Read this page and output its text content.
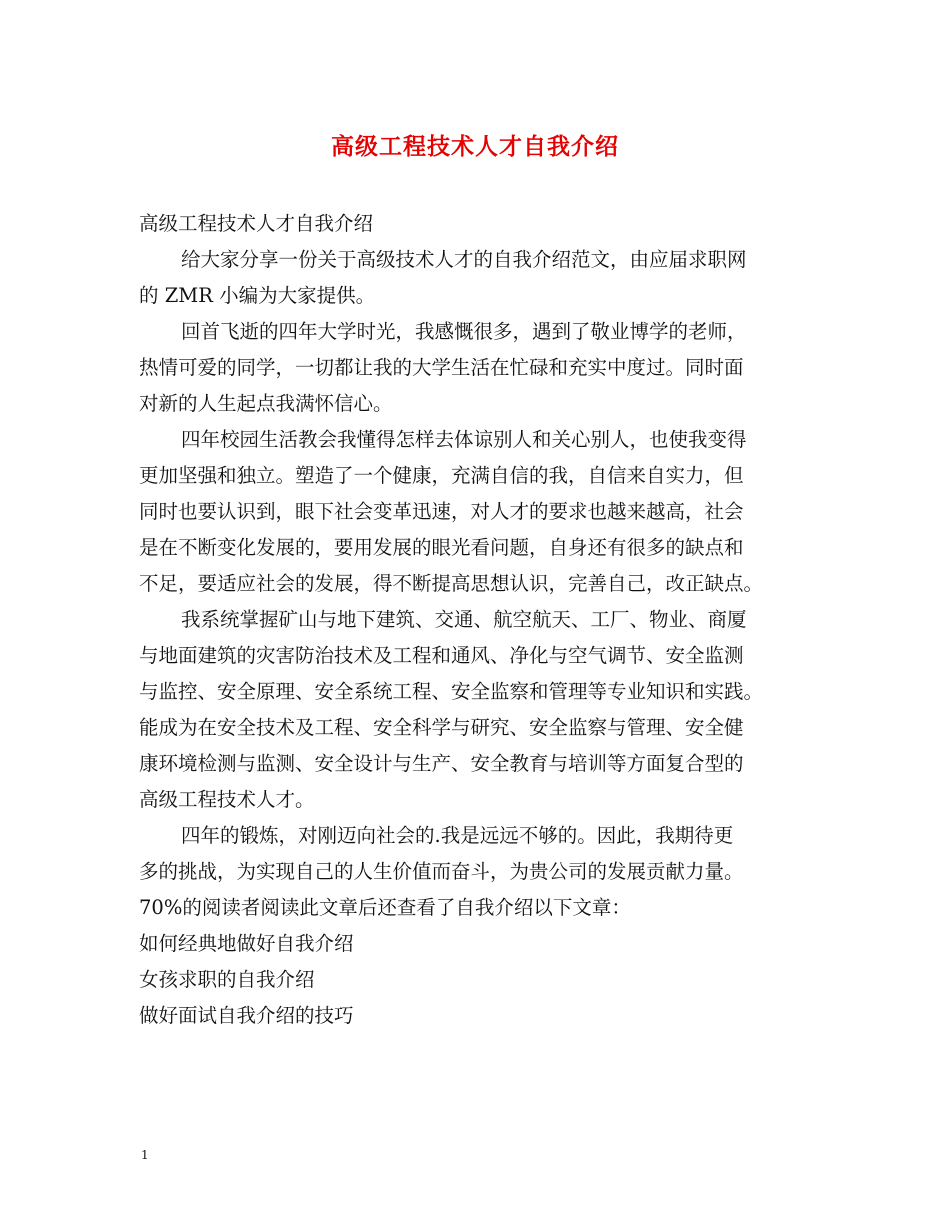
高级工程技术人才自我介绍
高级工程技术人才自我介绍
给大家分享一份关于高级技术人才的自我介绍范文，由应届求职网
的 ZMR 小编为大家提供。
回首飞逝的四年大学时光，我感慨很多，遇到了敬业博学的老师，
热情可爱的同学，一切都让我的大学生活在忙碌和充实中度过。同时面
对新的人生起点我满怀信心。
四年校园生活教会我懂得怎样去体谅别人和关心别人，也使我变得
更加坚强和独立。塑造了一个健康，充满自信的我，自信来自实力，但
同时也要认识到，眼下社会变革迅速，对人才的要求也越来越高，社会
是在不断变化发展的，要用发展的眼光看问题，自身还有很多的缺点和
不足，要适应社会的发展，得不断提高思想认识，完善自己，改正缺点。
我系统掌握矿山与地下建筑、交通、航空航天、工厂、物业、商厦
与地面建筑的灾害防治技术及工程和通风、净化与空气调节、安全监测
与监控、安全原理、安全系统工程、安全监察和管理等专业知识和实践。
能成为在安全技术及工程、安全科学与研究、安全监察与管理、安全健
康环境检测与监测、安全设计与生产、安全教育与培训等方面复合型的
高级工程技术人才。
四年的锻炼，对刚迈向社会的.我是远远不够的。因此，我期待更
多的挑战，为实现自己的人生价值而奋斗，为贵公司的发展贡献力量。
70%的阅读者阅读此文章后还查看了自我介绍以下文章：
如何经典地做好自我介绍
女孩求职的自我介绍
做好面试自我介绍的技巧
1
